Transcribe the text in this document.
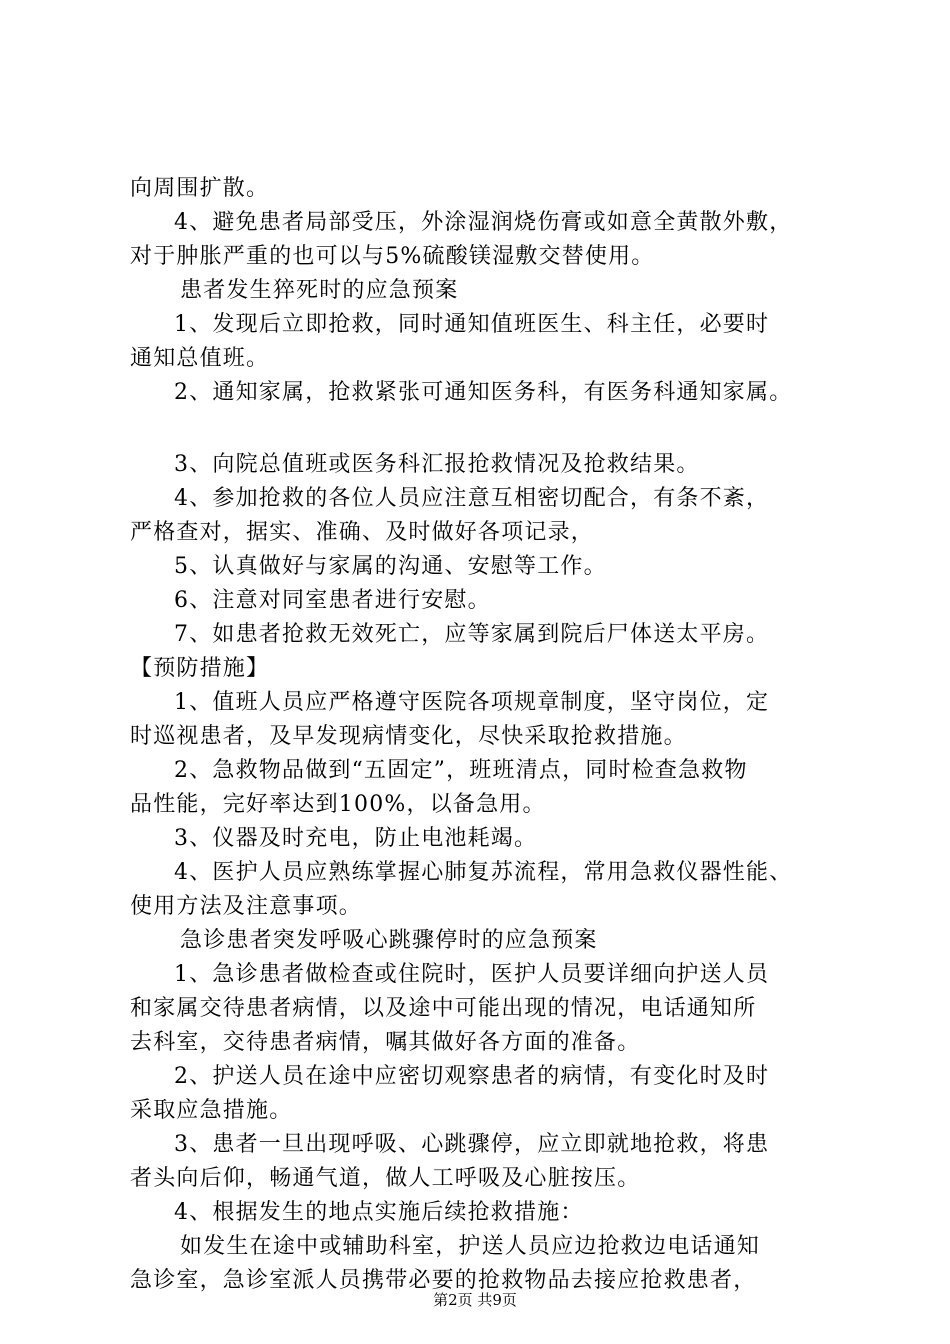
向周围扩散。
4、避免患者局部受压，外涂湿润烧伤膏或如意全黄散外敷，
对于肿胀严重的也可以与5%硫酸镁湿敷交替使用。
患者发生猝死时的应急预案
1、发现后立即抢救，同时通知值班医生、科主任，必要时
通知总值班。
2、通知家属，抢救紧张可通知医务科，有医务科通知家属。
3、向院总值班或医务科汇报抢救情况及抢救结果。
4、参加抢救的各位人员应注意互相密切配合，有条不紊，
严格查对，据实、准确、及时做好各项记录，
5、认真做好与家属的沟通、安慰等工作。
6、注意对同室患者进行安慰。
7、如患者抢救无效死亡，应等家属到院后尸体送太平房。
【预防措施】
1、值班人员应严格遵守医院各项规章制度，坚守岗位，定
时巡视患者，及早发现病情变化，尽快采取抢救措施。
2、急救物品做到“五固定”，班班清点，同时检查急救物
品性能，完好率达到100%，以备急用。
3、仪器及时充电，防止电池耗竭。
4、医护人员应熟练掌握心肺复苏流程，常用急救仪器性能、
使用方法及注意事项。
急诊患者突发呼吸心跳骤停时的应急预案
1、急诊患者做检查或住院时，医护人员要详细向护送人员
和家属交待患者病情，以及途中可能出现的情况，电话通知所
去科室，交待患者病情，嘱其做好各方面的准备。
2、护送人员在途中应密切观察患者的病情，有变化时及时
采取应急措施。
3、患者一旦出现呼吸、心跳骤停，应立即就地抢救，将患
者头向后仰，畅通气道，做人工呼吸及心脏按压。
4、根据发生的地点实施后续抢救措施：
如发生在途中或辅助科室，护送人员应边抢救边电话通知
急诊室，急诊室派人员携带必要的抢救物品去接应抢救患者，
第2页 共9页
